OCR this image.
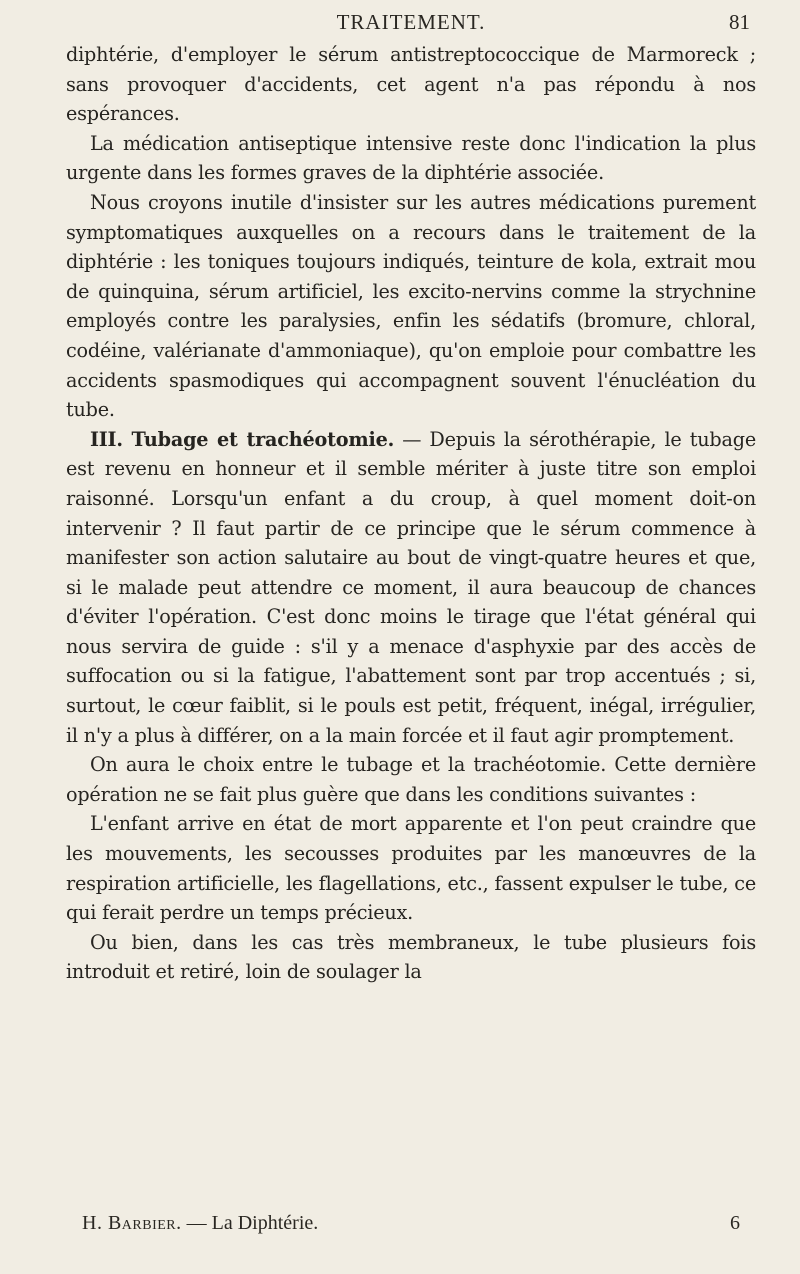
TRAITEMENT.	81

diphtérie, d'employer le sérum antistreptococcique de Marmoreck ; sans provoquer d'accidents, cet agent n'a pas répondu à nos espérances.

La médication antiseptique intensive reste donc l'indication la plus urgente dans les formes graves de la diphtérie associée.

Nous croyons inutile d'insister sur les autres médications purement symptomatiques auxquelles on a recours dans le traitement de la diphtérie : les toniques toujours indiqués, teinture de kola, extrait mou de quinquina, sérum artificiel, les excito-nervins comme la strychnine employés contre les paralysies, enfin les sédatifs (bromure, chloral, codéine, valérianate d'ammoniaque), qu'on emploie pour combattre les accidents spasmodiques qui accompagnent souvent l'énucléation du tube.

III. Tubage et trachéotomie. — Depuis la sérothérapie, le tubage est revenu en honneur et il semble mériter à juste titre son emploi raisonné. Lorsqu'un enfant a du croup, à quel moment doit-on intervenir ? Il faut partir de ce principe que le sérum commence à manifester son action salutaire au bout de vingt-quatre heures et que, si le malade peut attendre ce moment, il aura beaucoup de chances d'éviter l'opération. C'est donc moins le tirage que l'état général qui nous servira de guide : s'il y a menace d'asphyxie par des accès de suffocation ou si la fatigue, l'abattement sont par trop accentués ; si, surtout, le cœur faiblit, si le pouls est petit, fréquent, inégal, irrégulier, il n'y a plus à différer, on a la main forcée et il faut agir promptement.

On aura le choix entre le tubage et la trachéotomie. Cette dernière opération ne se fait plus guère que dans les conditions suivantes :

L'enfant arrive en état de mort apparente et l'on peut craindre que les mouvements, les secousses produites par les manœuvres de la respiration artificielle, les flagellations, etc., fassent expulser le tube, ce qui ferait perdre un temps précieux.

Ou bien, dans les cas très membraneux, le tube plusieurs fois introduit et retiré, loin de soulager la

H. Barbier. — La Diphtérie.	6
